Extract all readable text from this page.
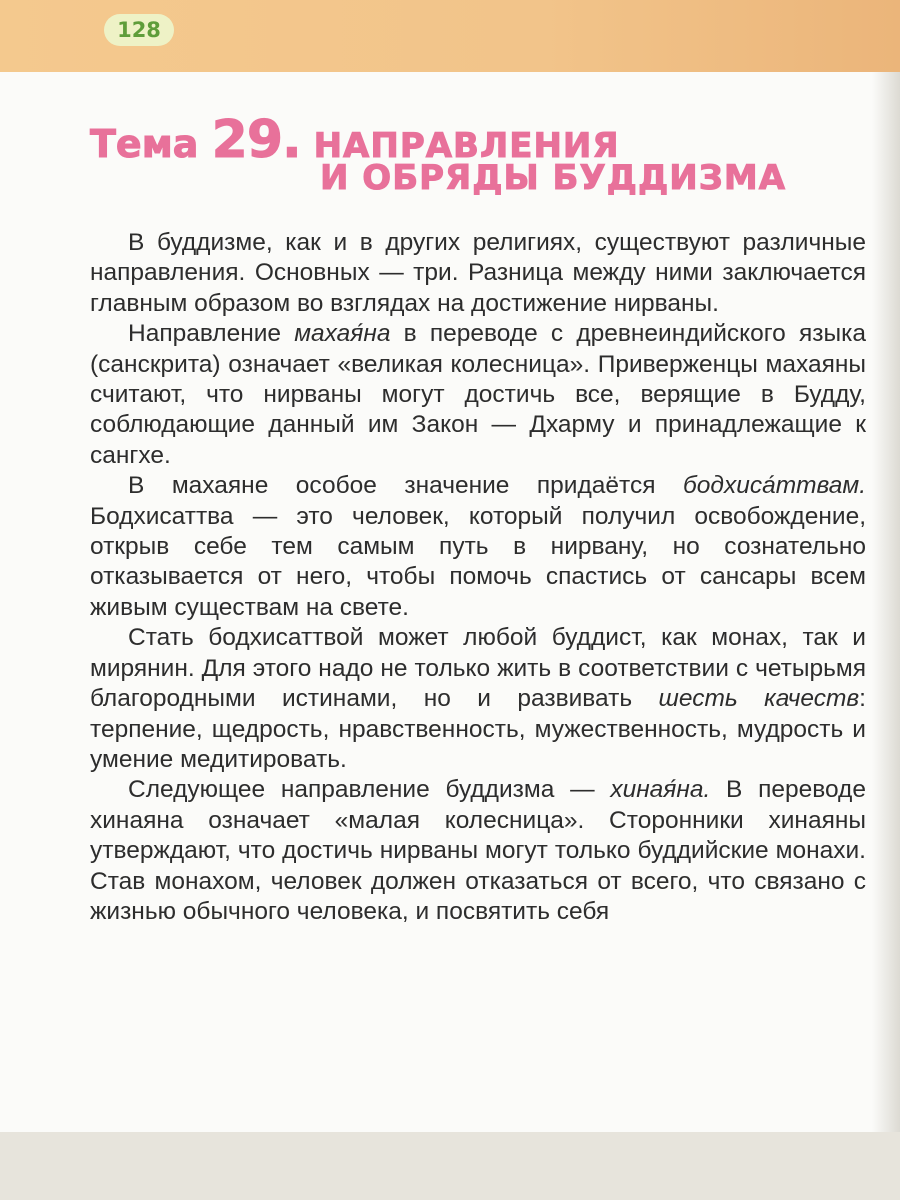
128
Тема 29. НАПРАВЛЕНИЯ
И ОБРЯДЫ БУДДИЗМА

В буддизме, как и в других религиях, существуют различные направления. Основных — три. Разница между ними заключается главным образом во взглядах на достижение нирваны.

Направление махая́на в переводе с древнеиндийского языка (санскрита) означает «великая колесница». Приверженцы махаяны считают, что нирваны могут достичь все, верящие в Будду, соблюдающие данный им Закон — Дхарму и принадлежащие к сангхе.

В махаяне особое значение придаётся бодхиса́ттвам. Бодхисаттва — это человек, который получил освобождение, открыв себе тем самым путь в нирвану, но сознательно отказывается от него, чтобы помочь спастись от сансары всем живым существам на свете.

Стать бодхисаттвой может любой буддист, как монах, так и мирянин. Для этого надо не только жить в соответствии с четырьмя благородными истинами, но и развивать шесть качеств: терпение, щедрость, нравственность, мужественность, мудрость и умение медитировать.

Следующее направление буддизма — хиная́на. В переводе хинаяна означает «малая колесница». Сторонники хинаяны утверждают, что достичь нирваны могут только буддийские монахи. Став монахом, человек должен отказаться от всего, что связано с жизнью обычного человека, и посвятить себя
